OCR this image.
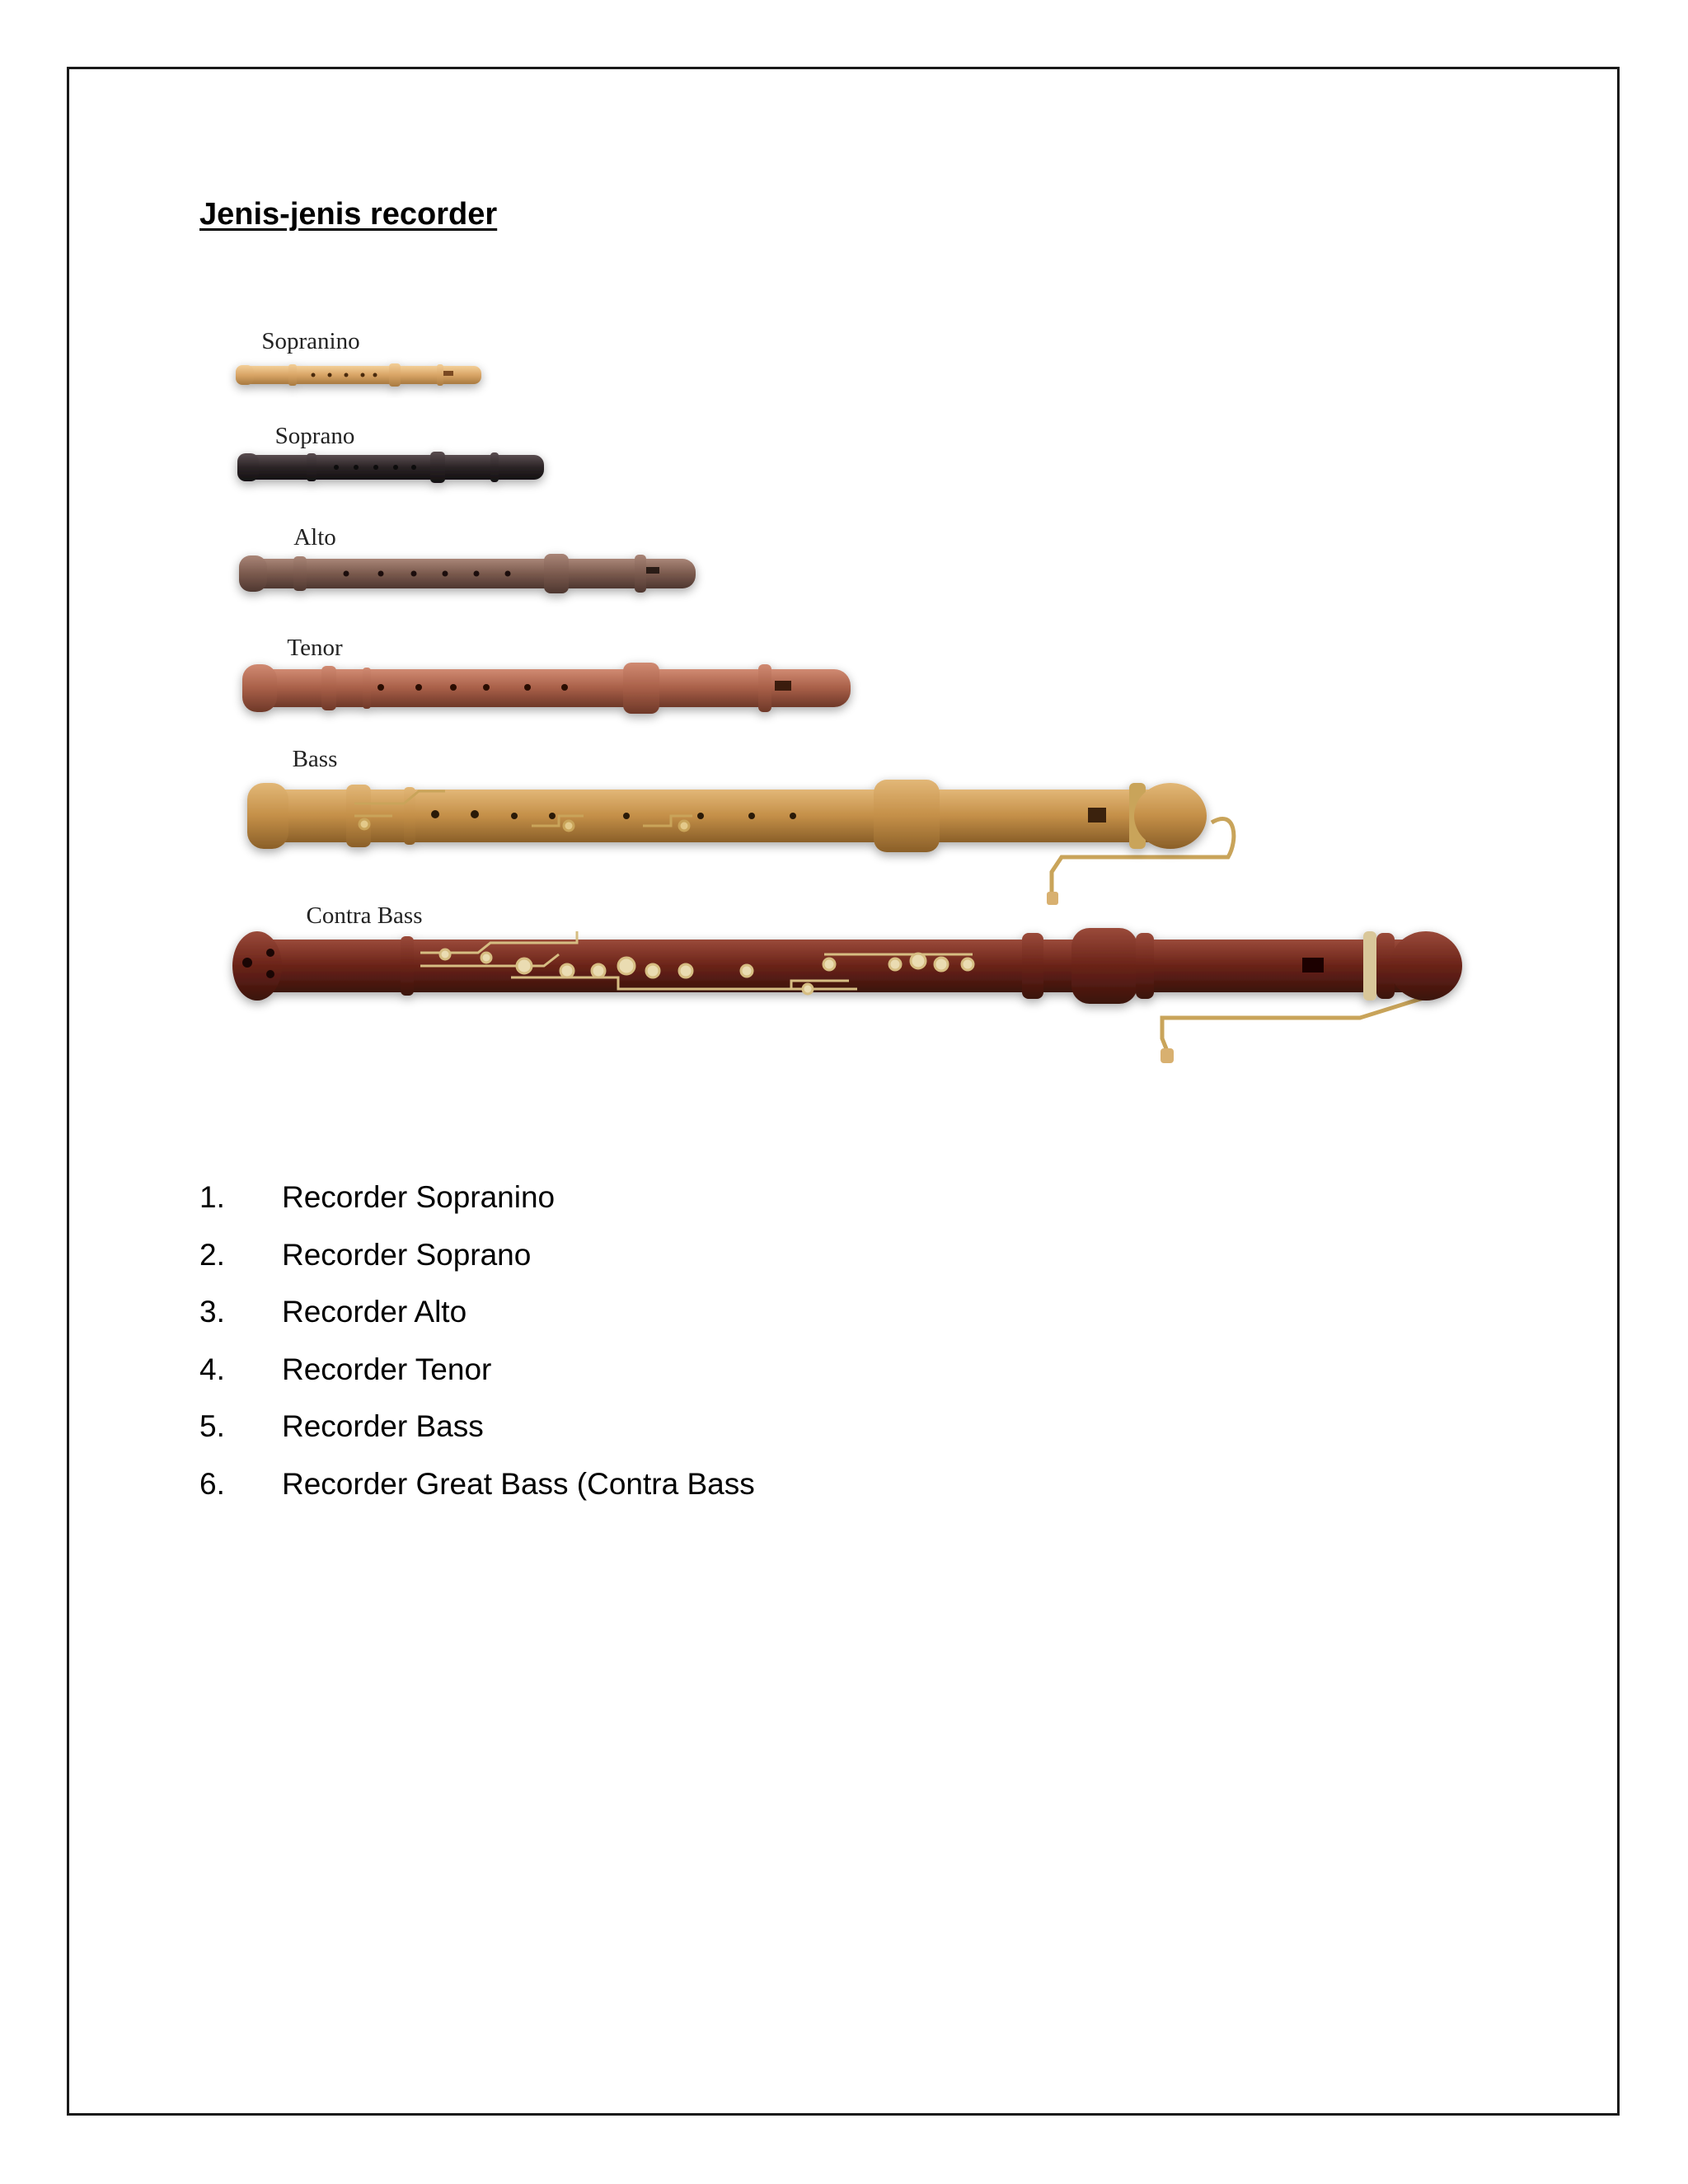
Jenis-jenis recorder
Sopranino
Soprano
Alto
Tenor
Bass
Contra Bass
1.	Recorder Sopranino
2.	Recorder Soprano
3.	Recorder Alto
4.	Recorder Tenor
5.	Recorder Bass
6.	Recorder Great Bass (Contra Bass
